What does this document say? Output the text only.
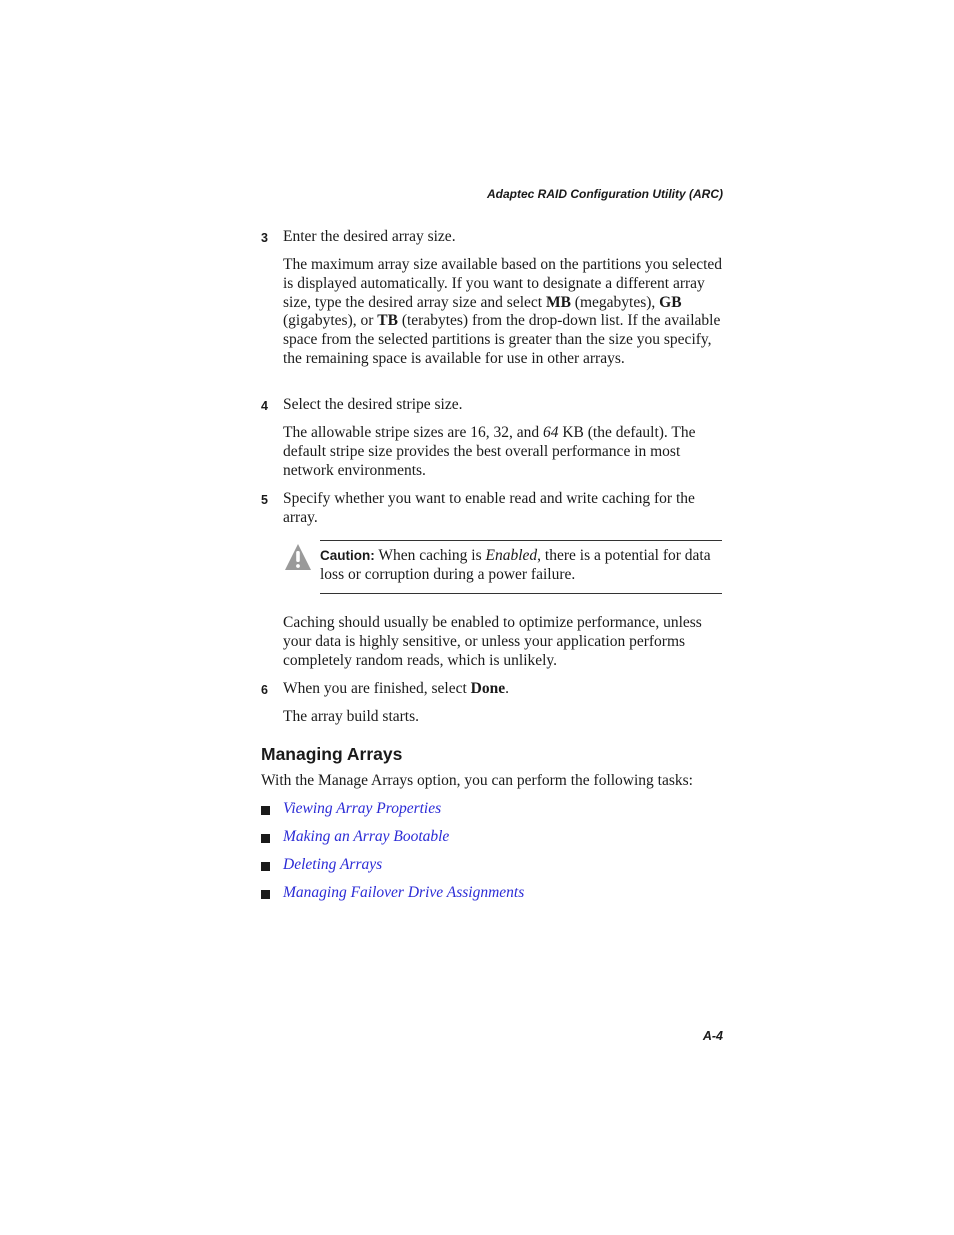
Adaptec RAID Configuration Utility (ARC)
3 Enter the desired array size.
The maximum array size available based on the partitions you selected is displayed automatically. If you want to designate a different array size, type the desired array size and select MB (megabytes), GB (gigabytes), or TB (terabytes) from the drop-down list. If the available space from the selected partitions is greater than the size you specify, the remaining space is available for use in other arrays.
4 Select the desired stripe size.
The allowable stripe sizes are 16, 32, and 64 KB (the default). The default stripe size provides the best overall performance in most network environments.
5 Specify whether you want to enable read and write caching for the array.
Caution: When caching is Enabled, there is a potential for data loss or corruption during a power failure.
Caching should usually be enabled to optimize performance, unless your data is highly sensitive, or unless your application performs completely random reads, which is unlikely.
6 When you are finished, select Done.
The array build starts.
Managing Arrays
With the Manage Arrays option, you can perform the following tasks:
Viewing Array Properties
Making an Array Bootable
Deleting Arrays
Managing Failover Drive Assignments
A-4
